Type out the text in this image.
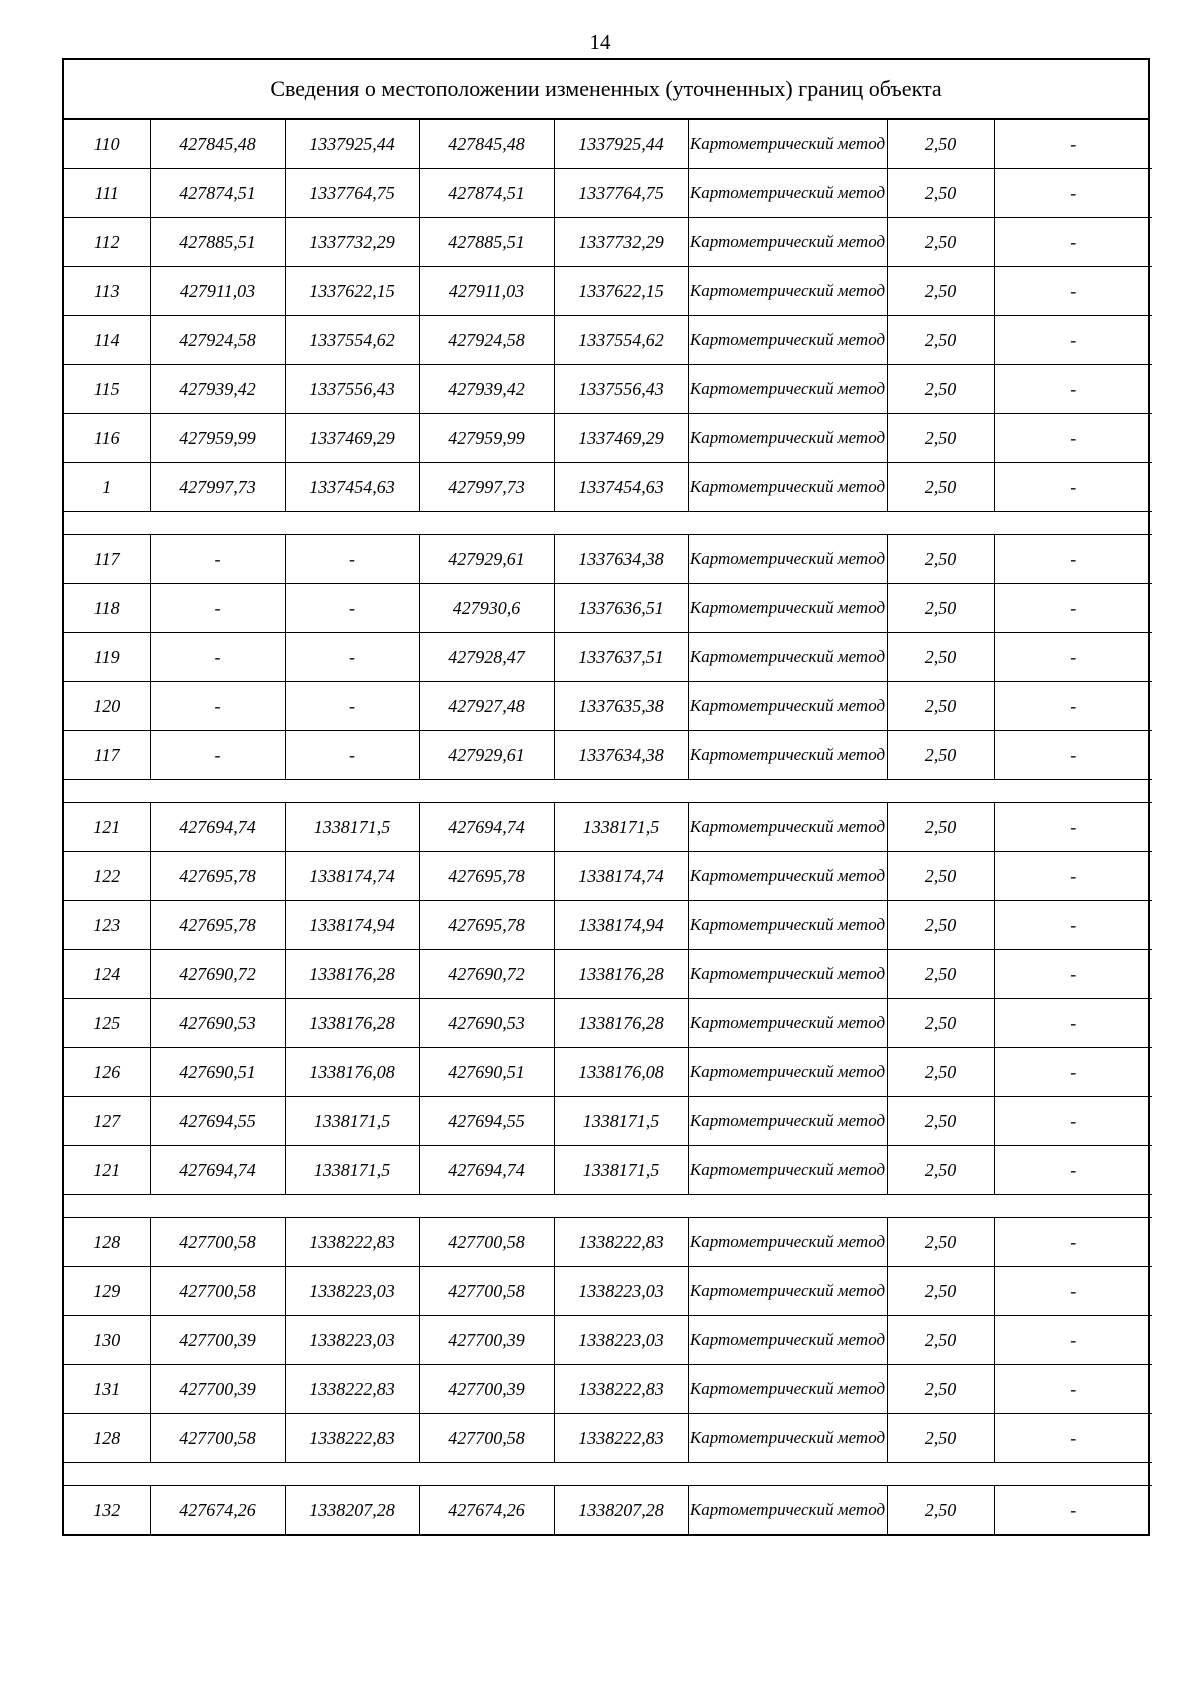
14
Сведения о местоположении измененных (уточненных) границ объекта
110	427845,48	1337925,44	427845,48	1337925,44	Картометрический метод	2,50	-
111	427874,51	1337764,75	427874,51	1337764,75	Картометрический метод	2,50	-
112	427885,51	1337732,29	427885,51	1337732,29	Картометрический метод	2,50	-
113	427911,03	1337622,15	427911,03	1337622,15	Картометрический метод	2,50	-
114	427924,58	1337554,62	427924,58	1337554,62	Картометрический метод	2,50	-
115	427939,42	1337556,43	427939,42	1337556,43	Картометрический метод	2,50	-
116	427959,99	1337469,29	427959,99	1337469,29	Картометрический метод	2,50	-
1	427997,73	1337454,63	427997,73	1337454,63	Картометрический метод	2,50	-

117	-	-	427929,61	1337634,38	Картометрический метод	2,50	-
118	-	-	427930,6	1337636,51	Картометрический метод	2,50	-
119	-	-	427928,47	1337637,51	Картометрический метод	2,50	-
120	-	-	427927,48	1337635,38	Картометрический метод	2,50	-
117	-	-	427929,61	1337634,38	Картометрический метод	2,50	-

121	427694,74	1338171,5	427694,74	1338171,5	Картометрический метод	2,50	-
122	427695,78	1338174,74	427695,78	1338174,74	Картометрический метод	2,50	-
123	427695,78	1338174,94	427695,78	1338174,94	Картометрический метод	2,50	-
124	427690,72	1338176,28	427690,72	1338176,28	Картометрический метод	2,50	-
125	427690,53	1338176,28	427690,53	1338176,28	Картометрический метод	2,50	-
126	427690,51	1338176,08	427690,51	1338176,08	Картометрический метод	2,50	-
127	427694,55	1338171,5	427694,55	1338171,5	Картометрический метод	2,50	-
121	427694,74	1338171,5	427694,74	1338171,5	Картометрический метод	2,50	-

128	427700,58	1338222,83	427700,58	1338222,83	Картометрический метод	2,50	-
129	427700,58	1338223,03	427700,58	1338223,03	Картометрический метод	2,50	-
130	427700,39	1338223,03	427700,39	1338223,03	Картометрический метод	2,50	-
131	427700,39	1338222,83	427700,39	1338222,83	Картометрический метод	2,50	-
128	427700,58	1338222,83	427700,58	1338222,83	Картометрический метод	2,50	-

132	427674,26	1338207,28	427674,26	1338207,28	Картометрический метод	2,50	-
